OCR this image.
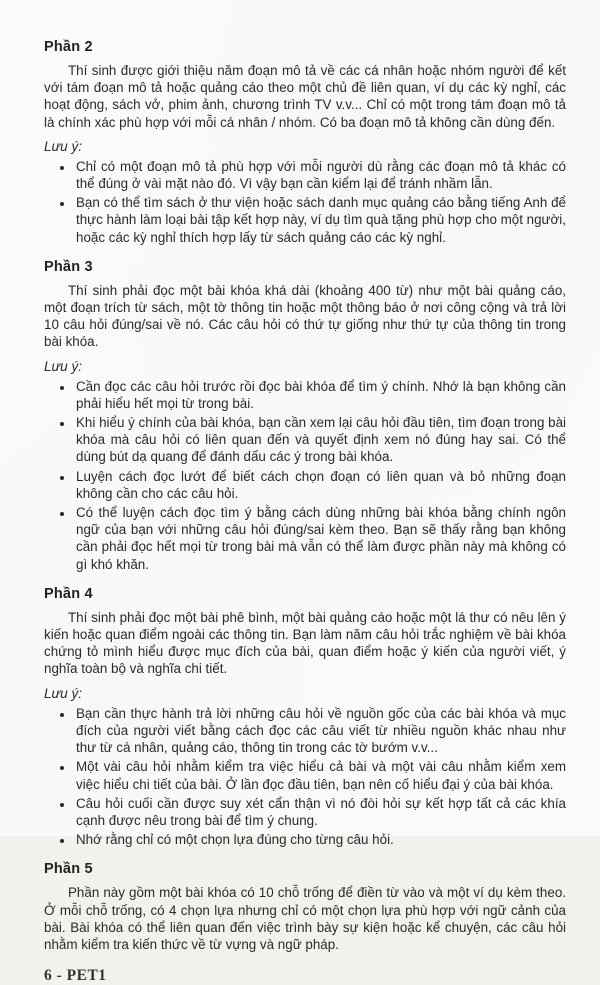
Phần 2

Thí sinh được giới thiệu năm đoạn mô tả về các cá nhân hoặc nhóm người để kết với tám đoạn mô tả hoặc quảng cáo theo một chủ đề liên quan, ví dụ các kỳ nghỉ, các hoạt động, sách vở, phim ảnh, chương trình TV v.v... Chỉ có một trong tám đoạn mô tả là chính xác phù hợp với mỗi cá nhân / nhóm. Có ba đoạn mô tả không cần dùng đến.

Lưu ý:
• Chỉ có một đoạn mô tả phù hợp với mỗi người dù rằng các đoạn mô tả khác có thể đúng ở vài mặt nào đó. Vì vậy bạn cần kiểm lại để tránh nhầm lẫn.
• Bạn có thể tìm sách ở thư viện hoặc sách danh mục quảng cáo bằng tiếng Anh để thực hành làm loại bài tập kết hợp này, ví dụ tìm quà tặng phù hợp cho một người, hoặc các kỳ nghỉ thích hợp lấy từ sách quảng cáo các kỳ nghỉ.
Phần 3

Thí sinh phải đọc một bài khóa khá dài (khoảng 400 từ) như một bài quảng cáo, một đoạn trích từ sách, một tờ thông tin hoặc một thông báo ở nơi công cộng và trả lời 10 câu hỏi đúng/sai về nó. Các câu hỏi có thứ tự giống như thứ tự của thông tin trong bài khóa.

Lưu ý:
• Cần đọc các câu hỏi trước rồi đọc bài khóa để tìm ý chính. Nhớ là bạn không cần phải hiểu hết mọi từ trong bài.
• Khi hiểu ý chính của bài khóa, bạn cần xem lại câu hỏi đầu tiên, tìm đoạn trong bài khóa mà câu hỏi có liên quan đến và quyết định xem nó đúng hay sai. Có thể dùng bút dạ quang để đánh dấu các ý trong bài khóa.
• Luyện cách đọc lướt để biết cách chọn đoạn có liên quan và bỏ những đoạn không cần cho các câu hỏi.
• Có thể luyện cách đọc tìm ý bằng cách dùng những bài khóa bằng chính ngôn ngữ của bạn với những câu hỏi đúng/sai kèm theo. Bạn sẽ thấy rằng bạn không cần phải đọc hết mọi từ trong bài mà vẫn có thể làm được phần này mà không có gì khó khăn.
Phần 4

Thí sinh phải đọc một bài phê bình, một bài quảng cáo hoặc một lá thư có nêu lên ý kiến hoặc quan điểm ngoài các thông tin. Bạn làm năm câu hỏi trắc nghiệm về bài khóa chứng tỏ mình hiểu được mục đích của bài, quan điểm hoặc ý kiến của người viết, ý nghĩa toàn bộ và nghĩa chi tiết.

Lưu ý:
• Bạn cần thực hành trả lời những câu hỏi về nguồn gốc của các bài khóa và mục đích của người viết bằng cách đọc các câu viết từ nhiều nguồn khác nhau như thư từ cá nhân, quảng cáo, thông tin trong các tờ bướm v.v...
• Một vài câu hỏi nhằm kiểm tra việc hiểu cả bài và một vài câu nhằm kiểm xem việc hiểu chi tiết của bài. Ở lần đọc đầu tiên, bạn nên cố hiểu đại ý của bài khóa.
• Câu hỏi cuối cần được suy xét cẩn thận vì nó đòi hỏi sự kết hợp tất cả các khía cạnh được nêu trong bài để tìm ý chung.
• Nhớ rằng chỉ có một chọn lựa đúng cho từng câu hỏi.
Phần 5

Phần này gồm một bài khóa có 10 chỗ trống để điền từ vào và một ví dụ kèm theo. Ở mỗi chỗ trống, có 4 chọn lựa nhưng chỉ có một chọn lựa phù hợp với ngữ cảnh của bài. Bài khóa có thể liên quan đến việc trình bày sự kiện hoặc kể chuyện, các câu hỏi nhằm kiểm tra kiến thức về từ vựng và ngữ pháp.

6 - PET1
